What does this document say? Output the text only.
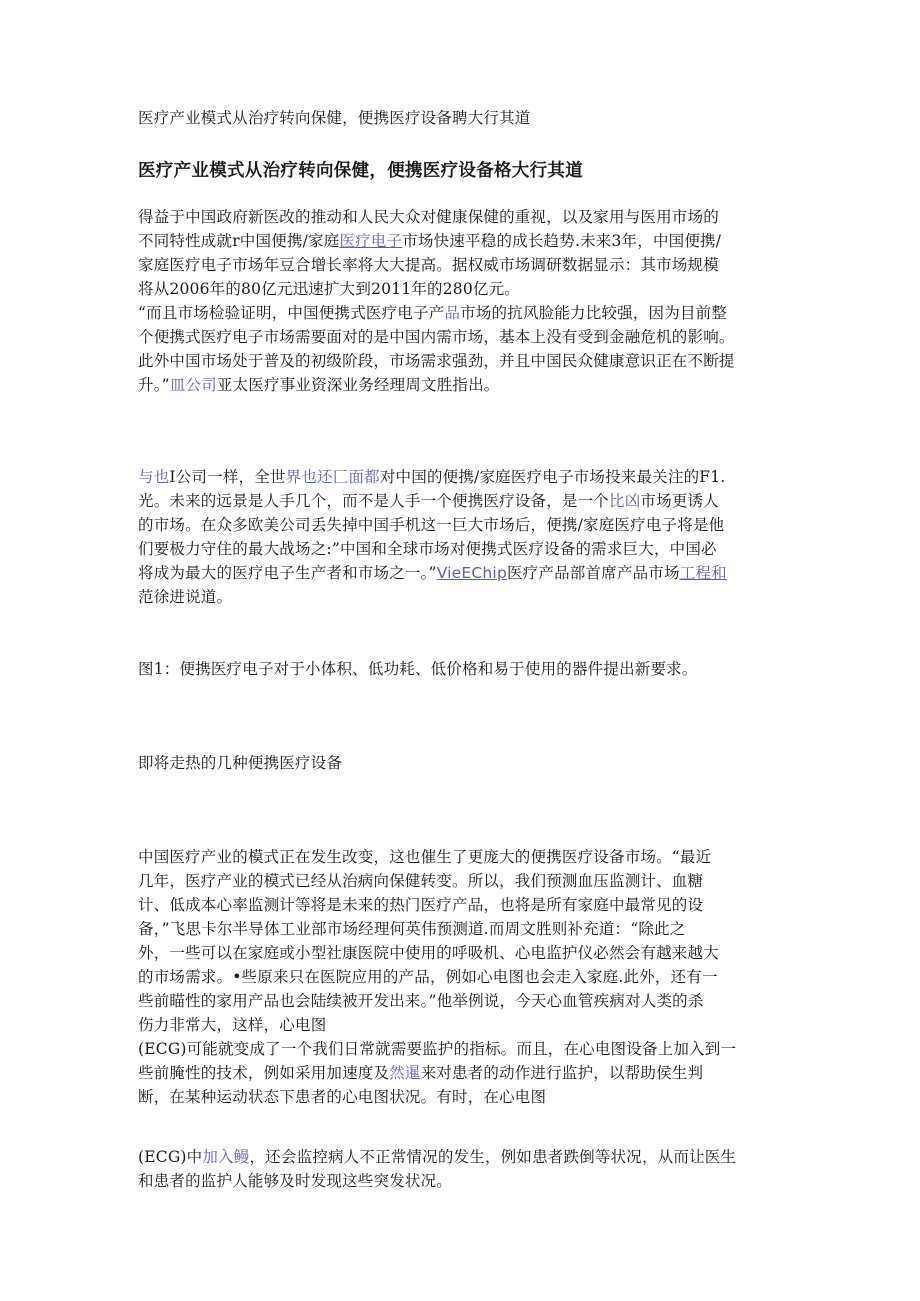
医疗产业模式从治疗转向保健，便携医疗设备聘大行其道
医疗产业模式从治疗转向保健，便携医疗设备格大行其道
得益于中国政府新医改的推动和人民大众对健康保健的重视，以及家用与医用市场的
不同特性成就r中国便携/家庭医疗电子市场快速平稳的成长趋势.未来3年，中国便携/
家庭医疗电子市场年豆合增长率将大大提高。据权威市场调研数据显示：其市场规模
将从2006年的80亿元迅速扩大到2011年的280亿元。
“而且市场检验证明，中国便携式医疗电子产品市场的抗风脸能力比较强，因为目前整
个便携式医疗电子市场需要面对的是中国内需市场，基本上没有受到金融危机的影响。
此外中国市场处于普及的初级阶段，市场需求强劲，并且中国民众健康意识正在不断提
升。”皿公司亚太医疗事业资深业务经理周文胜指出。
与也I公司一样，全世界也还匚面都对中国的便携/家庭医疗电子市场投来最关注的F1.
光。未来的远景是人手几个，而不是人手一个便携医疗设备，是一个比凶市场更诱人
的市场。在众多欧美公司丢失掉中国手机这一巨大市场后，便携/家庭医疗电子将是他
们要极力守住的最大战场之:”中国和全球市场对便携式医疗设备的需求巨大，中国必
将成为最大的医疗电子生产者和市场之一。”VieEChip医疗产品部首席产品市场工程和
范徐进说道。
图1：便携医疗电子对于小体积、低功耗、低价格和易于使用的器件提出新要求。
即将走热的几种便携医疗设备
中国医疗产业的模式正在发生改变，这也催生了更庞大的便携医疗设备市场。“最近
几年，医疗产业的模式已经从治病向保健转变。所以，我们预测血压监测计、血糖
计、低成本心率监测计等将是未来的热门医疗产品，也将是所有家庭中最常见的设
备，”飞思卡尔半导体工业部市场经理何英伟预测道.而周文胜则补充道：“除此之
外，一些可以在家庭或小型社康医院中使用的呼吸机、心电监护仪必然会有越来越大
的市场需求。•些原来只在医院应用的产品，例如心电图也会走入家庭.此外，还有一
些前瞄性的家用产品也会陆续被开发出来。”他举例说，今天心血管疾病对人类的杀
伤力非常大，这样，心电图
(ECG)可能就变成了一个我们日常就需要监护的指标。而且，在心电图设备上加入到一
些前腌性的技术，例如采用加速度及然暹来对患者的动作进行监护，以帮助侯生判
断，在某种运动状态下患者的心电图状况。有时，在心电图
(ECG)中加入鳗，还会监控病人不正常情况的发生，例如患者跌倒等状况，从而让医生
和患者的监护人能够及时发现这些突发状况。
